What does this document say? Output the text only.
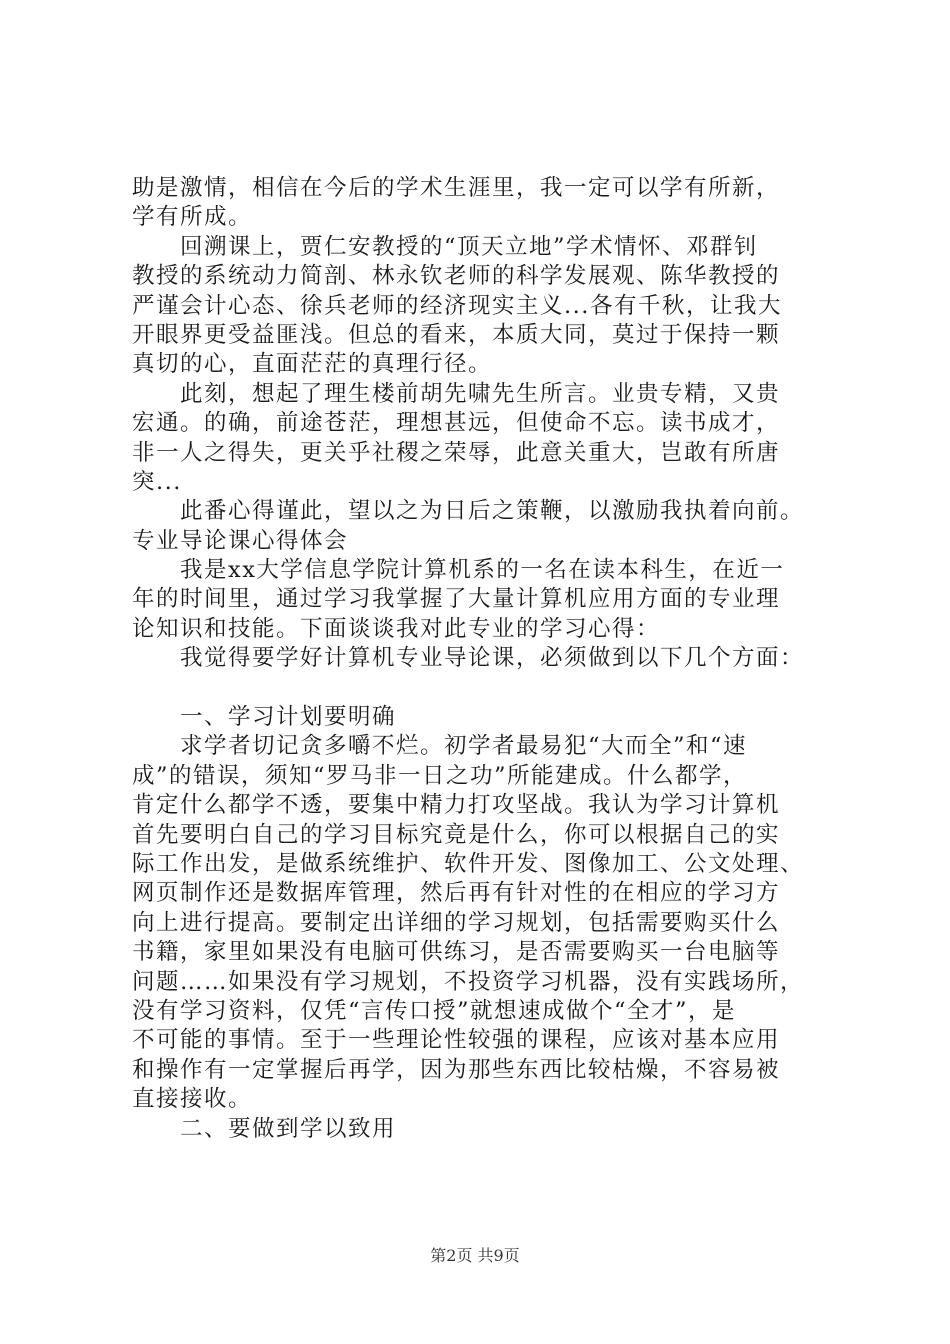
助是激情，相信在今后的学术生涯里，我一定可以学有所新，
学有所成。
　　回溯课上，贾仁安教授的“顶天立地”学术情怀、邓群钊
教授的系统动力简剖、林永钦老师的科学发展观、陈华教授的
严谨会计心态、徐兵老师的经济现实主义...各有千秋，让我大
开眼界更受益匪浅。但总的看来，本质大同，莫过于保持一颗
真切的心，直面茫茫的真理行径。
　　此刻，想起了理生楼前胡先啸先生所言。业贵专精，又贵
宏通。的确，前途苍茫，理想甚远，但使命不忘。读书成才，
非一人之得失，更关乎社稷之荣辱，此意关重大，岂敢有所唐
突...
　　此番心得谨此，望以之为日后之策鞭，以激励我执着向前。
专业导论课心得体会
　　我是xx大学信息学院计算机系的一名在读本科生，在近一
年的时间里，通过学习我掌握了大量计算机应用方面的专业理
论知识和技能。下面谈谈我对此专业的学习心得：
　　我觉得要学好计算机专业导论课，必须做到以下几个方面：
　　一、学习计划要明确
　　求学者切记贪多嚼不烂。初学者最易犯“大而全”和“速
成”的错误，须知“罗马非一日之功”所能建成。什么都学，
肯定什么都学不透，要集中精力打攻坚战。我认为学习计算机
首先要明白自己的学习目标究竟是什么，你可以根据自己的实
际工作出发，是做系统维护、软件开发、图像加工、公文处理、
网页制作还是数据库管理，然后再有针对性的在相应的学习方
向上进行提高。要制定出详细的学习规划，包括需要购买什么
书籍，家里如果没有电脑可供练习，是否需要购买一台电脑等
问题……如果没有学习规划，不投资学习机器，没有实践场所，
没有学习资料，仅凭“言传口授”就想速成做个“全才”，是
不可能的事情。至于一些理论性较强的课程，应该对基本应用
和操作有一定掌握后再学，因为那些东西比较枯燥，不容易被
直接接收。
　　二、要做到学以致用
第2页 共9页
